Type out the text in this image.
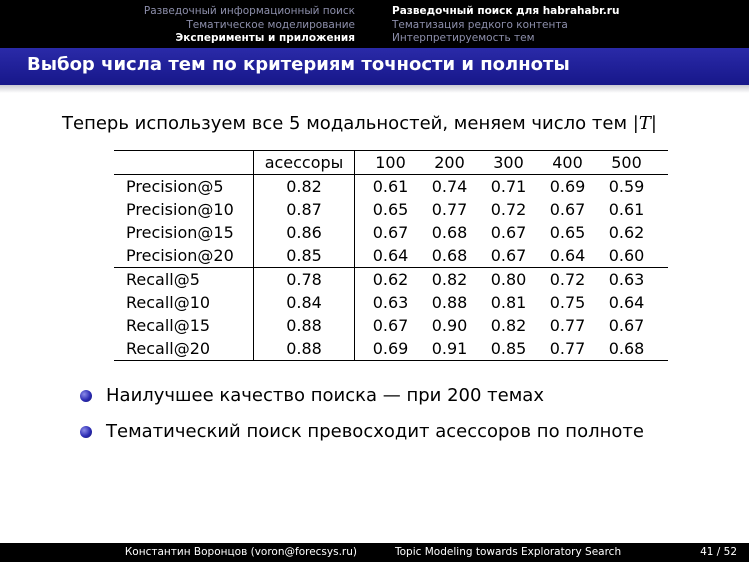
Разведочный информационный поиск
Тематическое моделирование
Эксперименты и приложения
Разведочный поиск для habrahabr.ru
Тематизация редкого контента
Интерпретируемость тем
Выбор числа тем по критериям точности и полноты
Теперь используем все 5 модальностей, меняем число тем |T|
	асессоры	100	200	300	400	500
Precision@5	0.82	0.61	0.74	0.71	0.69	0.59
Precision@10	0.87	0.65	0.77	0.72	0.67	0.61
Precision@15	0.86	0.67	0.68	0.67	0.65	0.62
Precision@20	0.85	0.64	0.68	0.67	0.64	0.60
Recall@5	0.78	0.62	0.82	0.80	0.72	0.63
Recall@10	0.84	0.63	0.88	0.81	0.75	0.64
Recall@15	0.88	0.67	0.90	0.82	0.77	0.67
Recall@20	0.88	0.69	0.91	0.85	0.77	0.68
Наилучшее качество поиска — при 200 темах
Тематический поиск превосходит асессоров по полноте
Константин Воронцов (voron@forecsys.ru)	Topic Modeling towards Exploratory Search	41 / 52
